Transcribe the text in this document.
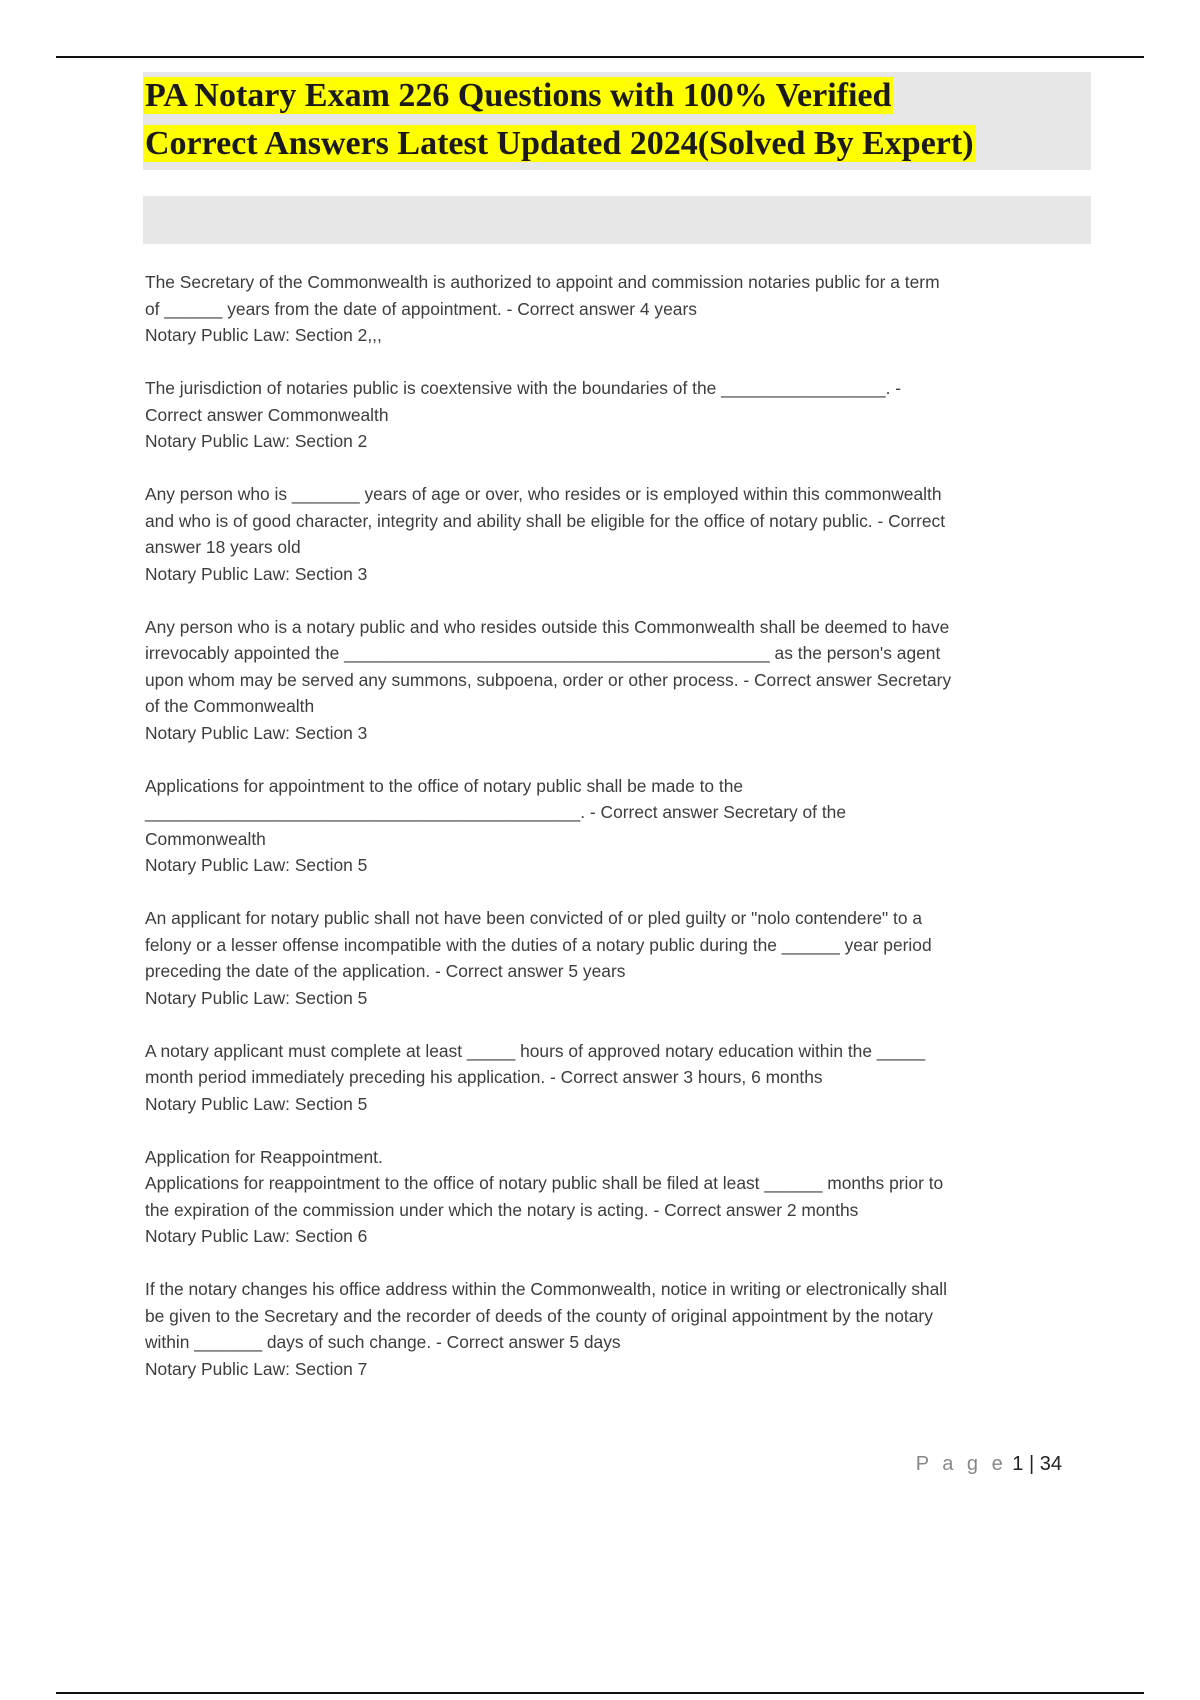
PA Notary Exam 226 Questions with 100% Verified
Correct Answers Latest Updated 2024(Solved By Expert)

The Secretary of the Commonwealth is authorized to appoint and commission notaries public for a term
of ______ years from the date of appointment. - Correct answer 4 years
Notary Public Law: Section 2,,,

The jurisdiction of notaries public is coextensive with the boundaries of the _________________. -
Correct answer Commonwealth
Notary Public Law: Section 2

Any person who is _______ years of age or over, who resides or is employed within this commonwealth
and who is of good character, integrity and ability shall be eligible for the office of notary public. - Correct
answer 18 years old
Notary Public Law: Section 3

Any person who is a notary public and who resides outside this Commonwealth shall be deemed to have
irrevocably appointed the ____________________________________________ as the person's agent
upon whom may be served any summons, subpoena, order or other process. - Correct answer Secretary
of the Commonwealth
Notary Public Law: Section 3

Applications for appointment to the office of notary public shall be made to the
_____________________________________________. - Correct answer Secretary of the
Commonwealth
Notary Public Law: Section 5

An applicant for notary public shall not have been convicted of or pled guilty or "nolo contendere" to a
felony or a lesser offense incompatible with the duties of a notary public during the ______ year period
preceding the date of the application. - Correct answer 5 years
Notary Public Law: Section 5

A notary applicant must complete at least _____ hours of approved notary education within the _____
month period immediately preceding his application. - Correct answer 3 hours, 6 months
Notary Public Law: Section 5

Application for Reappointment.
Applications for reappointment to the office of notary public shall be filed at least ______ months prior to
the expiration of the commission under which the notary is acting. - Correct answer 2 months
Notary Public Law: Section 6

If the notary changes his office address within the Commonwealth, notice in writing or electronically shall
be given to the Secretary and the recorder of deeds of the county of original appointment by the notary
within _______ days of such change. - Correct answer 5 days
Notary Public Law: Section 7

P a g e 1 | 34
